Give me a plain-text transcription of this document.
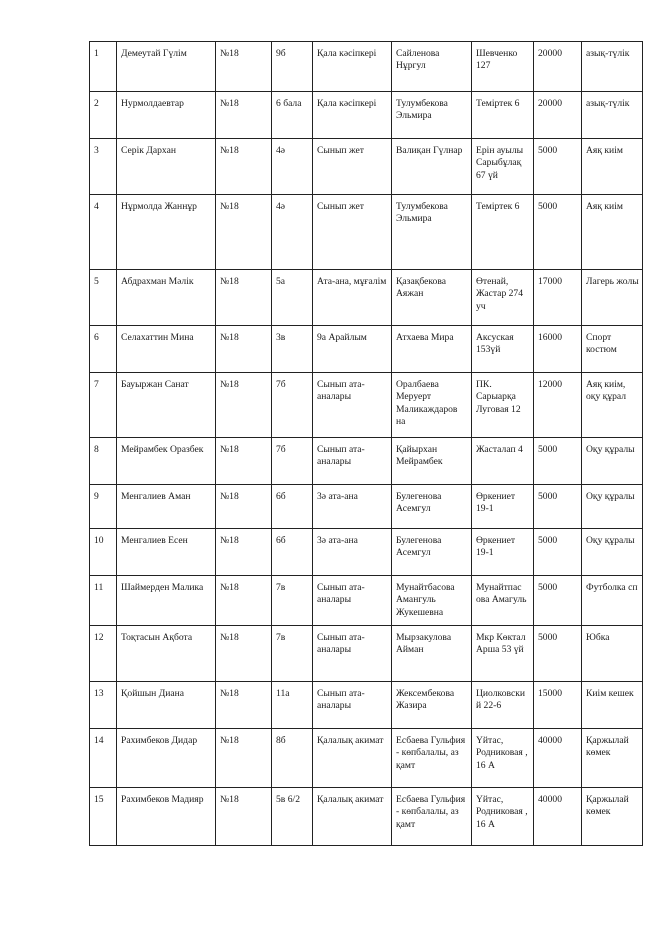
1	Демеутай Гүлім	№18	9б	Қала кәсіпкері	Сайленова Нұргул	Шевченко 127	20000	азық-түлік
2	Нурмолдаевтар	№18	6 бала	Қала кәсіпкері	Тулумбекова Эльмира	Теміртек 6	20000	азық-түлік
3	Серік Дархан	№18	4ә	Сынып жет	Валиқан Гүлнар	Ерін ауылы Сарыбұлақ 67 үй	5000	Аяқ киім
4	Нұрмолда Жаннұр	№18	4ә	Сынып жет	Тулумбекова Эльмира	Теміртек 6	5000	Аяқ киім
5	Абдрахман Мәлік	№18	5а	Ата-ана, мұғалім	Қазақбекова Аяжан	Өтенай, Жастар 274 уч	17000	Лагерь жолы
6	Селахаттин Мина	№18	3в	9а Арайлым	Атхаева Мира	Аксуская 153үй	16000	Спорт костюм
7	Бауыржан Санат	№18	7б	Сынып ата-аналары	Оралбаева Меруерт Маликаждаров на	ПК. Сарыарқа Луговая 12	12000	Аяқ киім, оқу құрал
8	Мейрамбек Оразбек	№18	7б	Сынып ата-аналары	Қайырхан Мейрамбек	Жасталап 4	5000	Оқу құралы
9	Менгалиев Аман	№18	6б	3ә ата-ана	Булегенова Асемгул	Өркениет 19-1	5000	Оқу құралы
10	Менгалиев Есен	№18	6б	3ә ата-ана	Булегенова Асемгул	Өркениет 19-1	5000	Оқу құралы
11	Шаймерден Малика	№18	7в	Сынып ата-аналары	Мунайтбасова Амангуль Жукешевна	Мунайтпас ова Амагуль	5000	Футболка сп
12	Тоқтасын Ақбота	№18	7в	Сынып ата-аналары	Мырзакулова Айман	Мкр Көктал Арша 53 үй	5000	Юбка
13	Қойшын Диана	№18	11а	Сынып ата-аналары	Жексембекова Жазира	Циолковски й 22-6	15000	Киім кешек
14	Рахимбеков Дидар	№18	8б	Қалалық акимат	Есбаева Гульфия - көпбалалы, аз қамт	Үйтас, Родниковая , 16 А	40000	Қаржылай көмек
15	Рахимбеков Мадияр	№18	5в 6/2	Қалалық акимат	Есбаева Гульфия - көпбалалы, аз қамт	Үйтас, Родниковая , 16 А	40000	Қаржылай көмек
